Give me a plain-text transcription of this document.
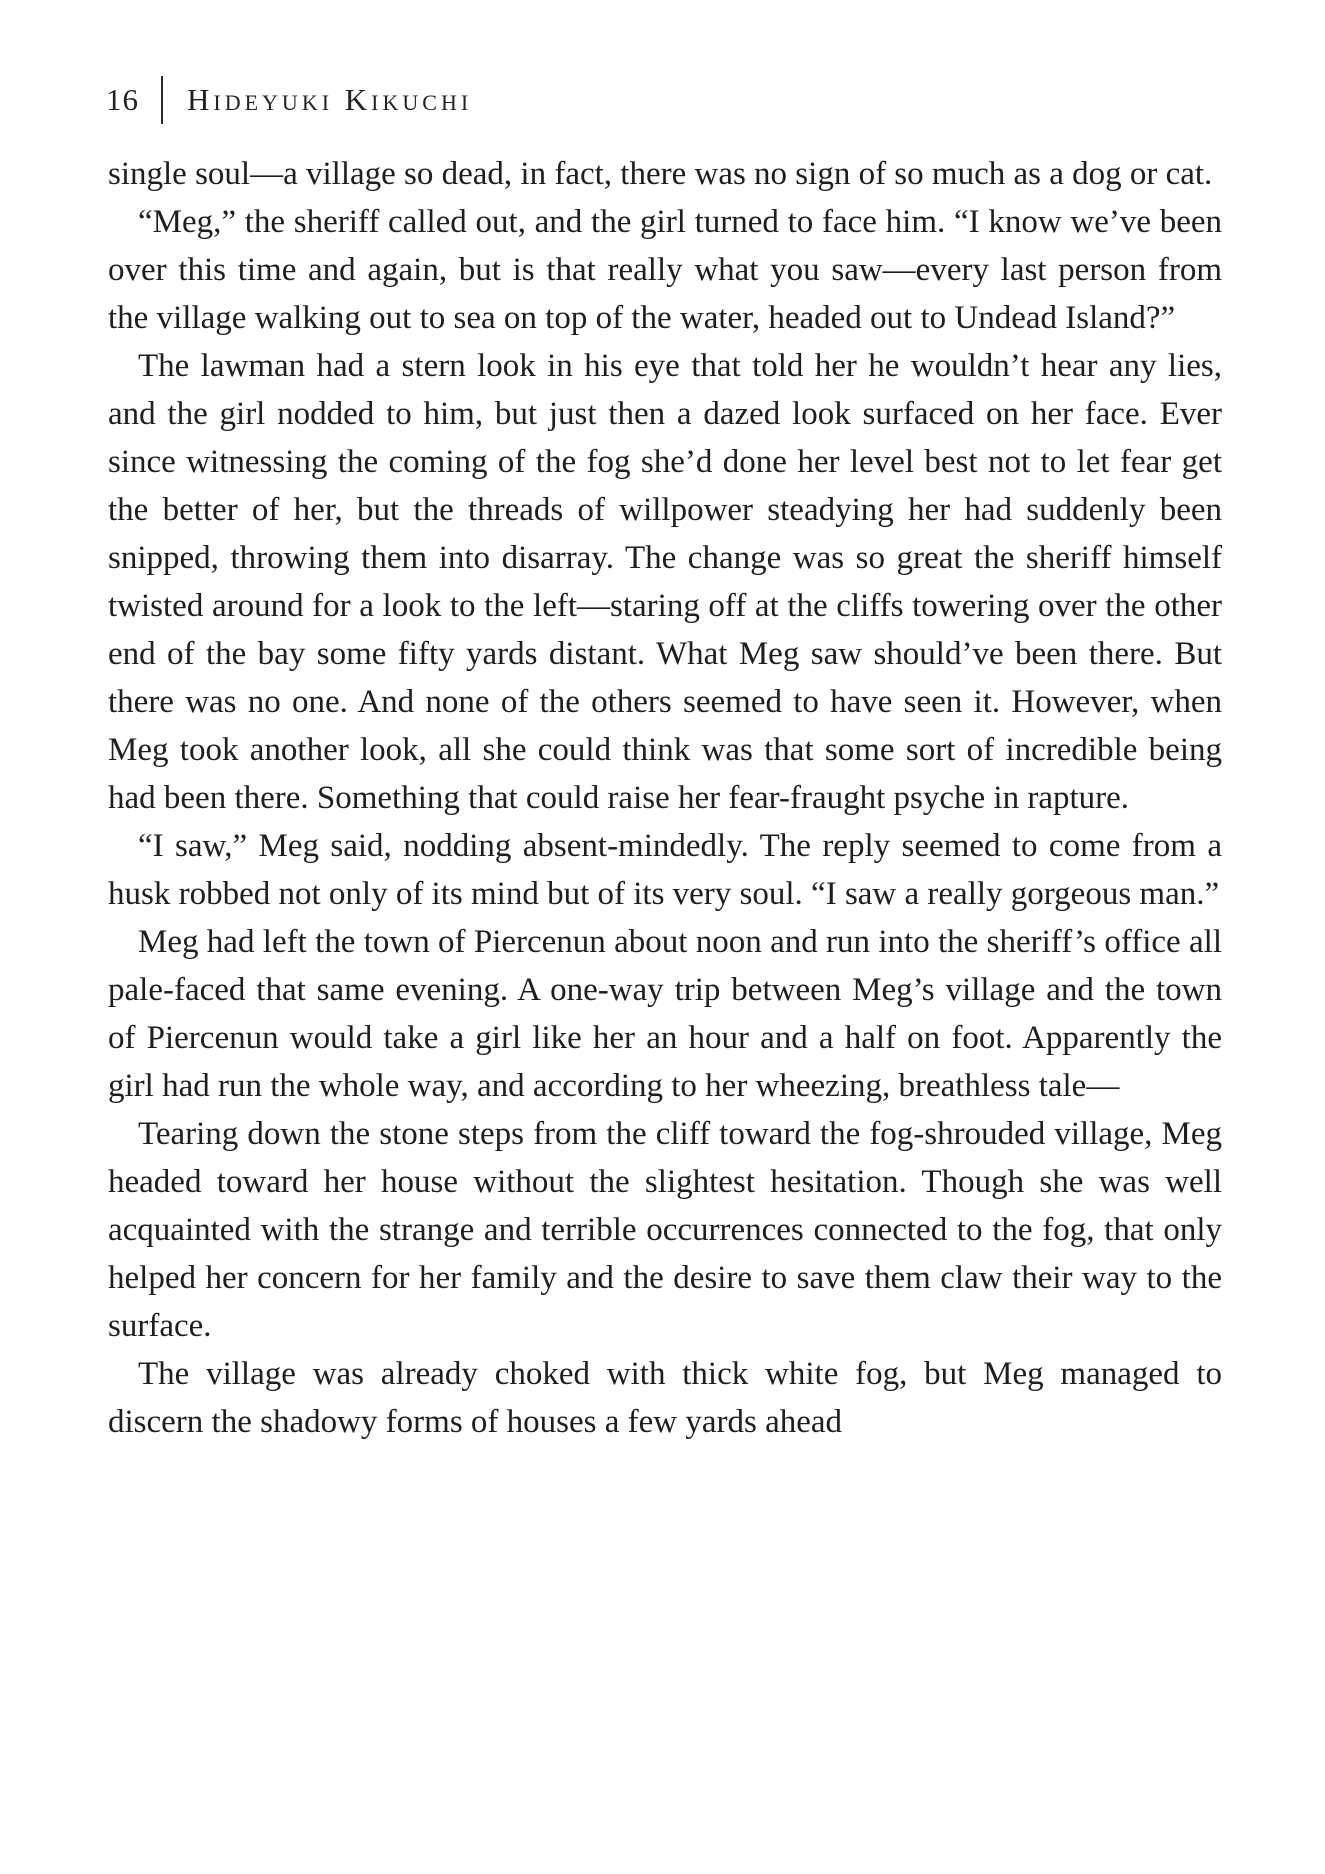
16 Hideyuki Kikuchi

single soul—a village so dead, in fact, there was no sign of so much as a dog or cat.

“Meg,” the sheriff called out, and the girl turned to face him. “I know we’ve been over this time and again, but is that really what you saw—every last person from the village walking out to sea on top of the water, headed out to Undead Island?”

The lawman had a stern look in his eye that told her he wouldn’t hear any lies, and the girl nodded to him, but just then a dazed look surfaced on her face. Ever since witnessing the coming of the fog she’d done her level best not to let fear get the better of her, but the threads of willpower steadying her had suddenly been snipped, throwing them into disarray. The change was so great the sheriff himself twisted around for a look to the left—staring off at the cliffs towering over the other end of the bay some fifty yards distant. What Meg saw should’ve been there. But there was no one. And none of the others seemed to have seen it. However, when Meg took another look, all she could think was that some sort of incredible being had been there. Something that could raise her fear-fraught psyche in rapture.

“I saw,” Meg said, nodding absent-mindedly. The reply seemed to come from a husk robbed not only of its mind but of its very soul. “I saw a really gorgeous man.”

Meg had left the town of Piercenun about noon and run into the sheriff’s office all pale-faced that same evening. A one-way trip between Meg’s village and the town of Piercenun would take a girl like her an hour and a half on foot. Apparently the girl had run the whole way, and according to her wheezing, breathless tale—

Tearing down the stone steps from the cliff toward the fog-shrouded village, Meg headed toward her house without the slightest hesitation. Though she was well acquainted with the strange and terrible occurrences connected to the fog, that only helped her concern for her family and the desire to save them claw their way to the surface.

The village was already choked with thick white fog, but Meg managed to discern the shadowy forms of houses a few yards ahead
